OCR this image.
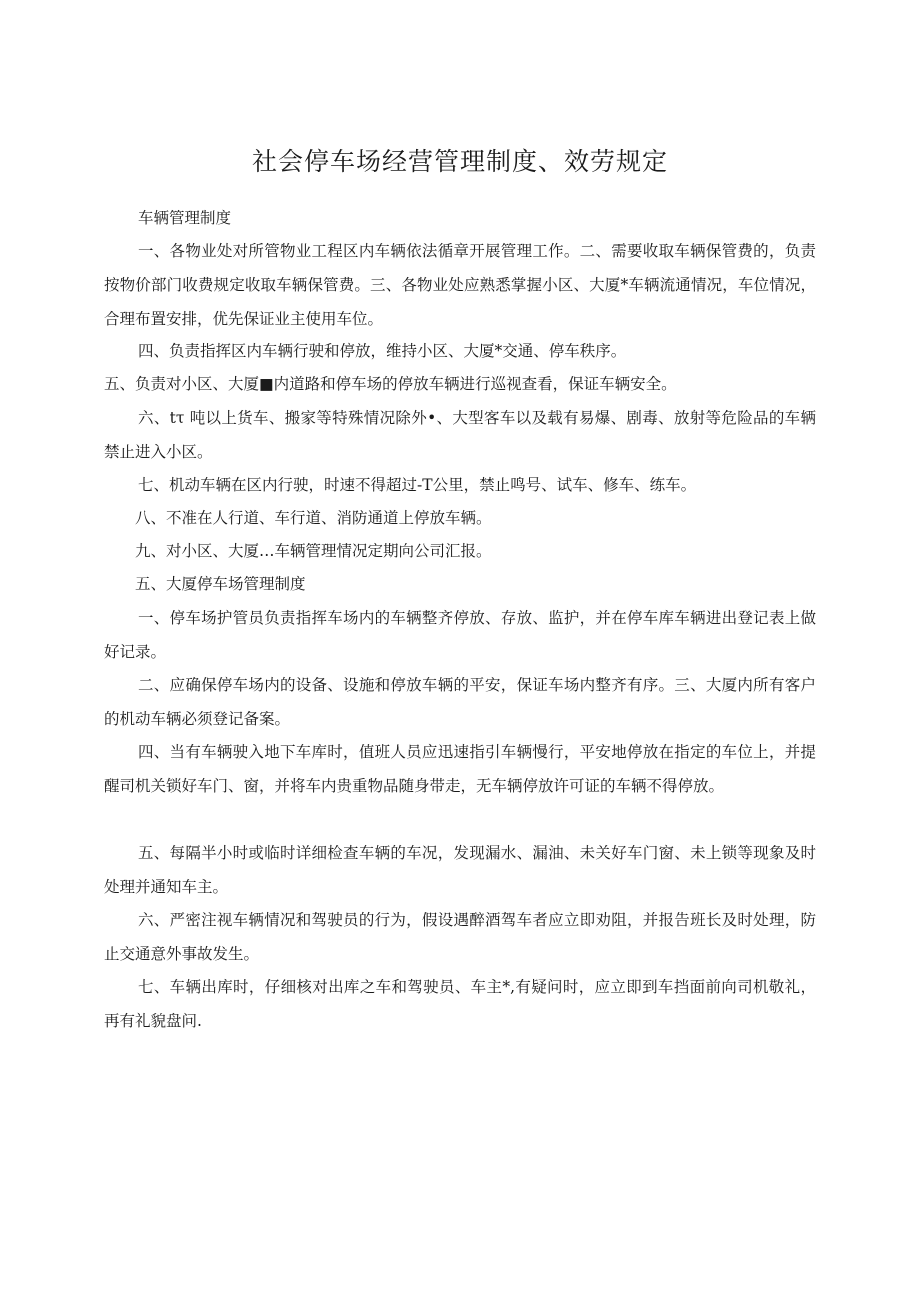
社会停车场经营管理制度、效劳规定

车辆管理制度

一、各物业处对所管物业工程区内车辆依法循章开展管理工作。二、需要收取车辆保管费的，负责按物价部门收费规定收取车辆保管费。三、各物业处应熟悉掌握小区、大厦*车辆流通情况，车位情况，合理布置安排，优先保证业主使用车位。

四、负责指挥区内车辆行驶和停放，维持小区、大厦*交通、停车秩序。

五、负责对小区、大厦■内道路和停车场的停放车辆进行巡视查看，保证车辆安全。

六、tτ 吨以上货车、搬家等特殊情况除外•、大型客车以及载有易爆、剧毒、放射等危险品的车辆禁止进入小区。

七、机动车辆在区内行驶，时速不得超过-T公里，禁止鸣号、试车、修车、练车。

八、不准在人行道、车行道、消防通道上停放车辆。

九、对小区、大厦…车辆管理情况定期向公司汇报。

五、大厦停车场管理制度

一、停车场护管员负责指挥车场内的车辆整齐停放、存放、监护，并在停车库车辆进出登记表上做好记录。

二、应确保停车场内的设备、设施和停放车辆的平安，保证车场内整齐有序。三、大厦内所有客户的机动车辆必须登记备案。

四、当有车辆驶入地下车库时，值班人员应迅速指引车辆慢行，平安地停放在指定的车位上，并提醒司机关锁好车门、窗，并将车内贵重物品随身带走，无车辆停放许可证的车辆不得停放。

五、每隔半小时或临时详细检查车辆的车况，发现漏水、漏油、未关好车门窗、未上锁等现象及时处理并通知车主。

六、严密注视车辆情况和驾驶员的行为，假设遇醉酒驾车者应立即劝阻，并报告班长及时处理，防止交通意外事故发生。

七、车辆出库时，仔细核对出库之车和驾驶员、车主*,有疑问时，应立即到车挡面前向司机敬礼，再有礼貌盘问.
